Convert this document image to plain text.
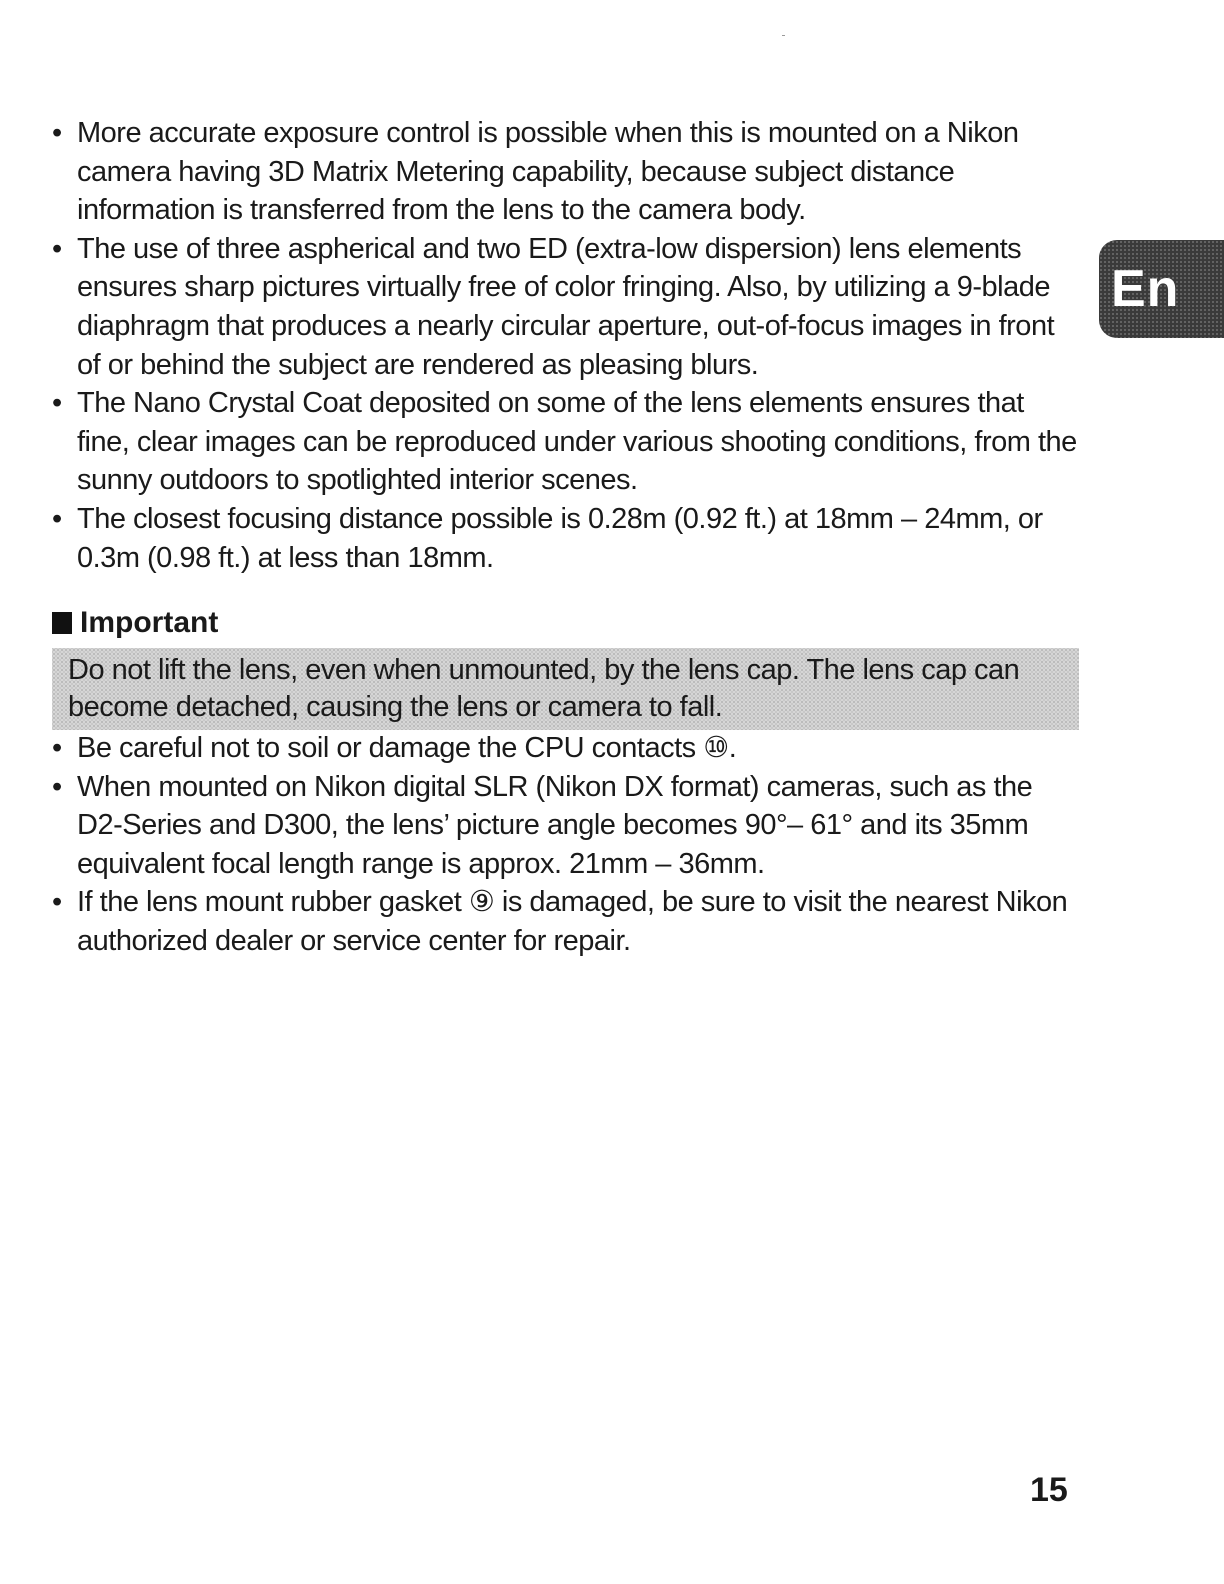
• More accurate exposure control is possible when this is mounted on a Nikon camera having 3D Matrix Metering capability, because subject distance information is transferred from the lens to the camera body.
• The use of three aspherical and two ED (extra-low dispersion) lens elements ensures sharp pictures virtually free of color fringing. Also, by utilizing a 9-blade diaphragm that produces a nearly circular aperture, out-of-focus images in front of or behind the subject are rendered as pleasing blurs.
• The Nano Crystal Coat deposited on some of the lens elements ensures that fine, clear images can be reproduced under various shooting conditions, from the sunny outdoors to spotlighted interior scenes.
• The closest focusing distance possible is 0.28m (0.92 ft.) at 18mm – 24mm, or 0.3m (0.98 ft.) at less than 18mm.
Important
Do not lift the lens, even when unmounted, by the lens cap. The lens cap can become detached, causing the lens or camera to fall.
• Be careful not to soil or damage the CPU contacts ⑩.
• When mounted on Nikon digital SLR (Nikon DX format) cameras, such as the D2-Series and D300, the lens’ picture angle becomes 90°– 61° and its 35mm equivalent focal length range is approx. 21mm – 36mm.
• If the lens mount rubber gasket ⑨ is damaged, be sure to visit the nearest Nikon authorized dealer or service center for repair.
En
15
